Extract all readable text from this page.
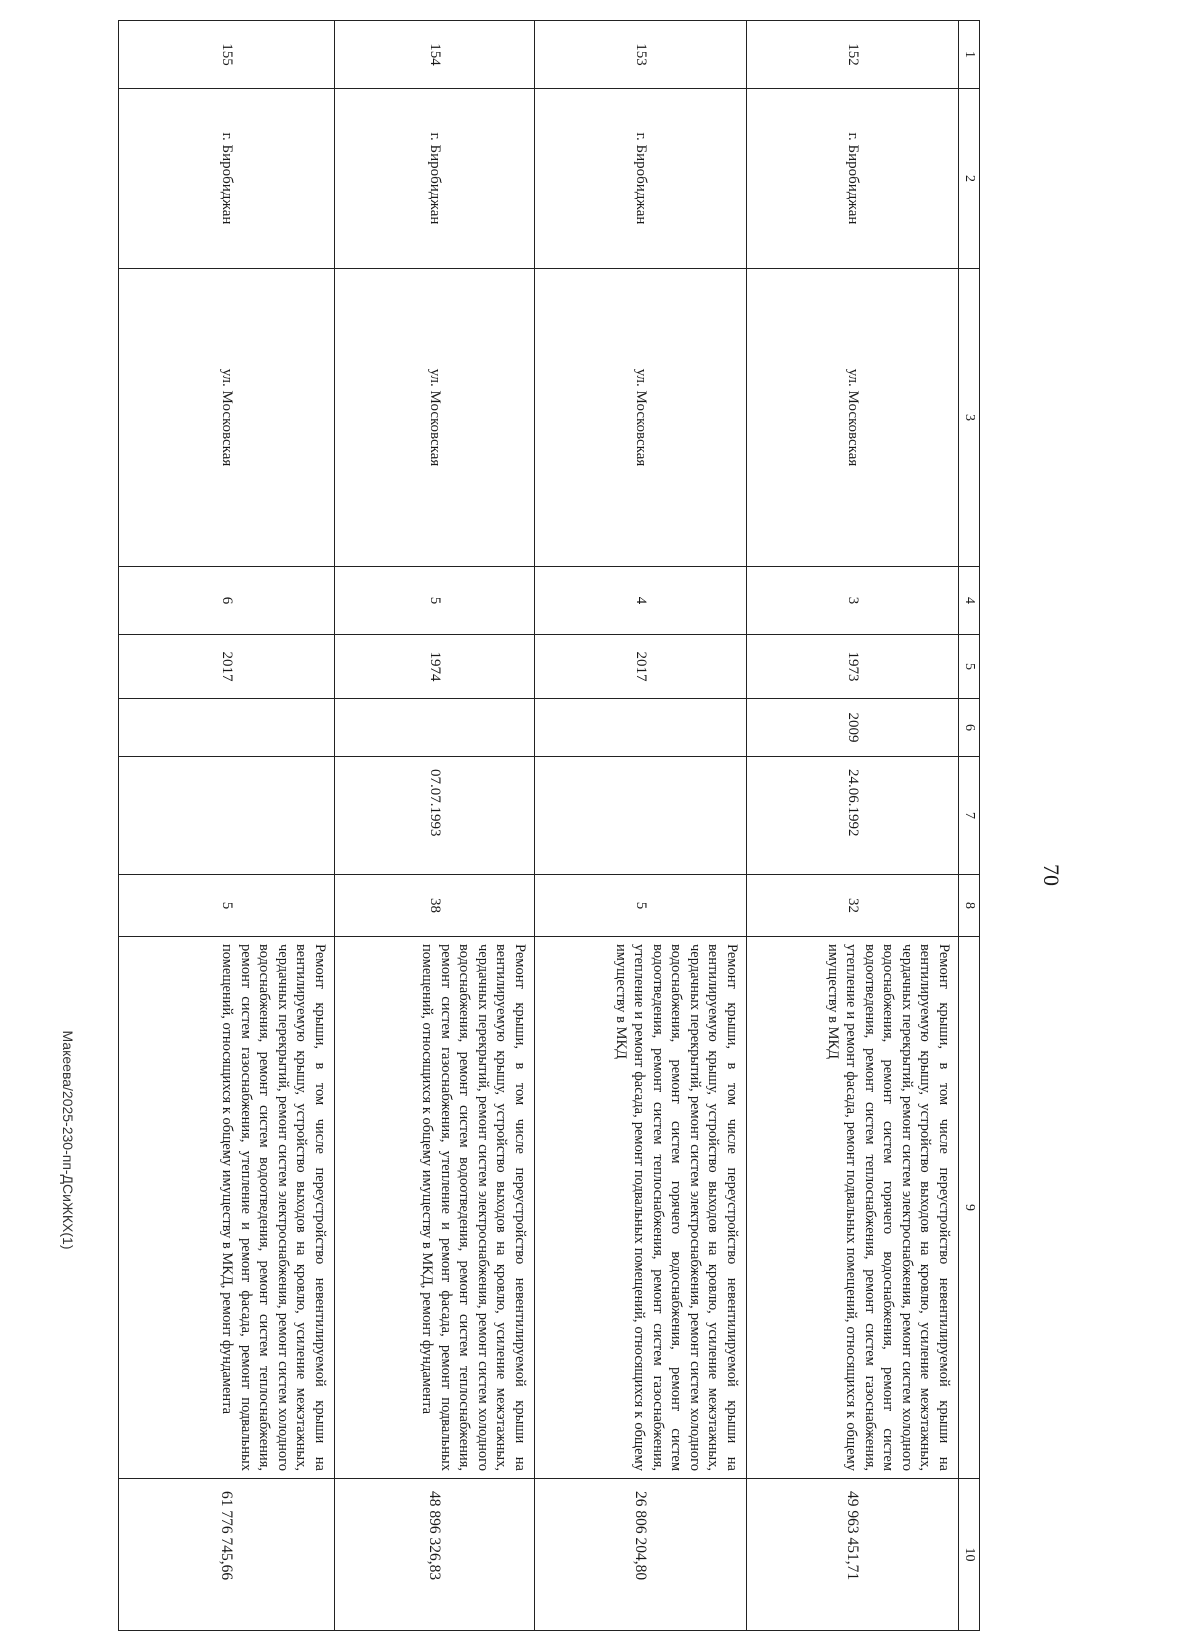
70
1	2	3	4	5	6	7	8	9	10
152	г. Биробиджан	ул. Московская	3	1973	2009	24.06.1992	32	Ремонт крыши, в том числе переустройство невентилируемой крыши на вентилируемую крышу, устройство выходов на кровлю, усиление межэтажных, чердачных перекрытий, ремонт систем электроснабжения, ремонт систем холодного водоснабжения, ремонт систем горячего водоснабжения, ремонт систем водоотведения, ремонт систем теплоснабжения, ремонт систем газоснабжения, утепление и ремонт фасада, ремонт подвальных помещений, относящихся к общему имуществу в МКД	49 963 451,71
153	г. Биробиджан	ул. Московская	4	2017			5	Ремонт крыши, в том числе переустройство невентилируемой крыши на вентилируемую крышу, устройство выходов на кровлю, усиление межэтажных, чердачных перекрытий, ремонт систем электроснабжения, ремонт систем холодного водоснабжения, ремонт систем горячего водоснабжения, ремонт систем водоотведения, ремонт систем теплоснабжения, ремонт систем газоснабжения, утепление и ремонт фасада, ремонт подвальных помещений, относящихся к общему имуществу в МКД	26 806 204,80
154	г. Биробиджан	ул. Московская	5	1974		07.07.1993	38	Ремонт крыши, в том числе переустройство невентилируемой крыши на вентилируемую крышу, устройство выходов на кровлю, усиление межэтажных, чердачных перекрытий, ремонт систем электроснабжения, ремонт систем холодного водоснабжения, ремонт систем водоотведения, ремонт систем теплоснабжения, ремонт систем газоснабжения, утепление и ремонт фасада, ремонт подвальных помещений, относящихся к общему имуществу в МКД, ремонт фундамента	48 896 326,83
155	г. Биробиджан	ул. Московская	6	2017			5	Ремонт крыши, в том числе переустройство невентилируемой крыши на вентилируемую крышу, устройство выходов на кровлю, усиление межэтажных, чердачных перекрытий, ремонт систем электроснабжения, ремонт систем холодного водоснабжения, ремонт систем водоотведения, ремонт систем теплоснабжения, ремонт систем газоснабжения, утепление и ремонт фасада, ремонт подвальных помещений, относящихся к общему имуществу в МКД, ремонт фундамента	61 776 745,66
Макеева/2025-230-пп-ДСиЖКХ(1)
